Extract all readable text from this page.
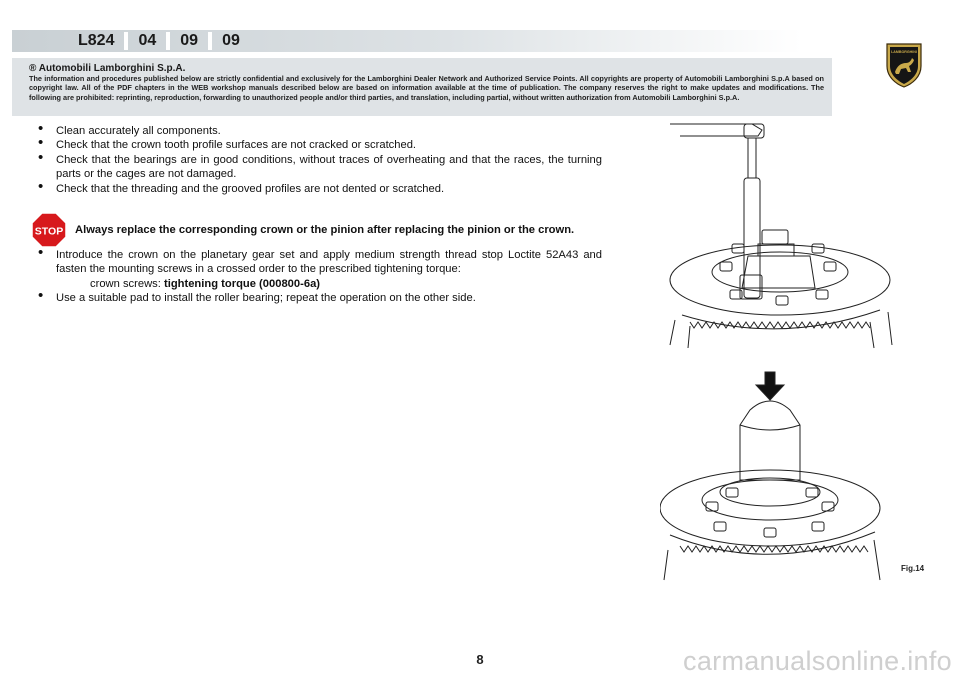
L824	04	09	09
LAMBORGHINI
® Automobili Lamborghini S.p.A.
The information and procedures published below are strictly confidential and exclusively for the Lamborghini Dealer Network and Authorized Service Points. All copyrights are property of Automobili Lamborghini S.p.A based on copyright law. All of the PDF chapters in the WEB workshop manuals described below are based on information available at the time of publication. The company reserves the right to make updates and modifications. The following are prohibited: reprinting, reproduction, forwarding to unauthorized people and/or third parties, and translation, including partial, without written authorization from Automobili Lamborghini S.p.A.
• Clean accurately all components.
• Check that the crown tooth profile surfaces are not cracked or scratched.
• Check that the bearings are in good conditions, without traces of overheating and that the races, the turning parts or the cages are not damaged.
• Check that the threading and the grooved profiles are not dented or scratched.
STOP Always replace the corresponding crown or the pinion after replacing the pinion or the crown.
• Introduce the crown on the planetary gear set and apply medium strength thread stop Loctite 52A43 and fasten the mounting screws in a crossed order to the prescribed tightening torque:
crown screws: tightening torque (000800-6a)
• Use a suitable pad to install the roller bearing; repeat the operation on the other side.
Fig.14
8	carmanualsonline.info
